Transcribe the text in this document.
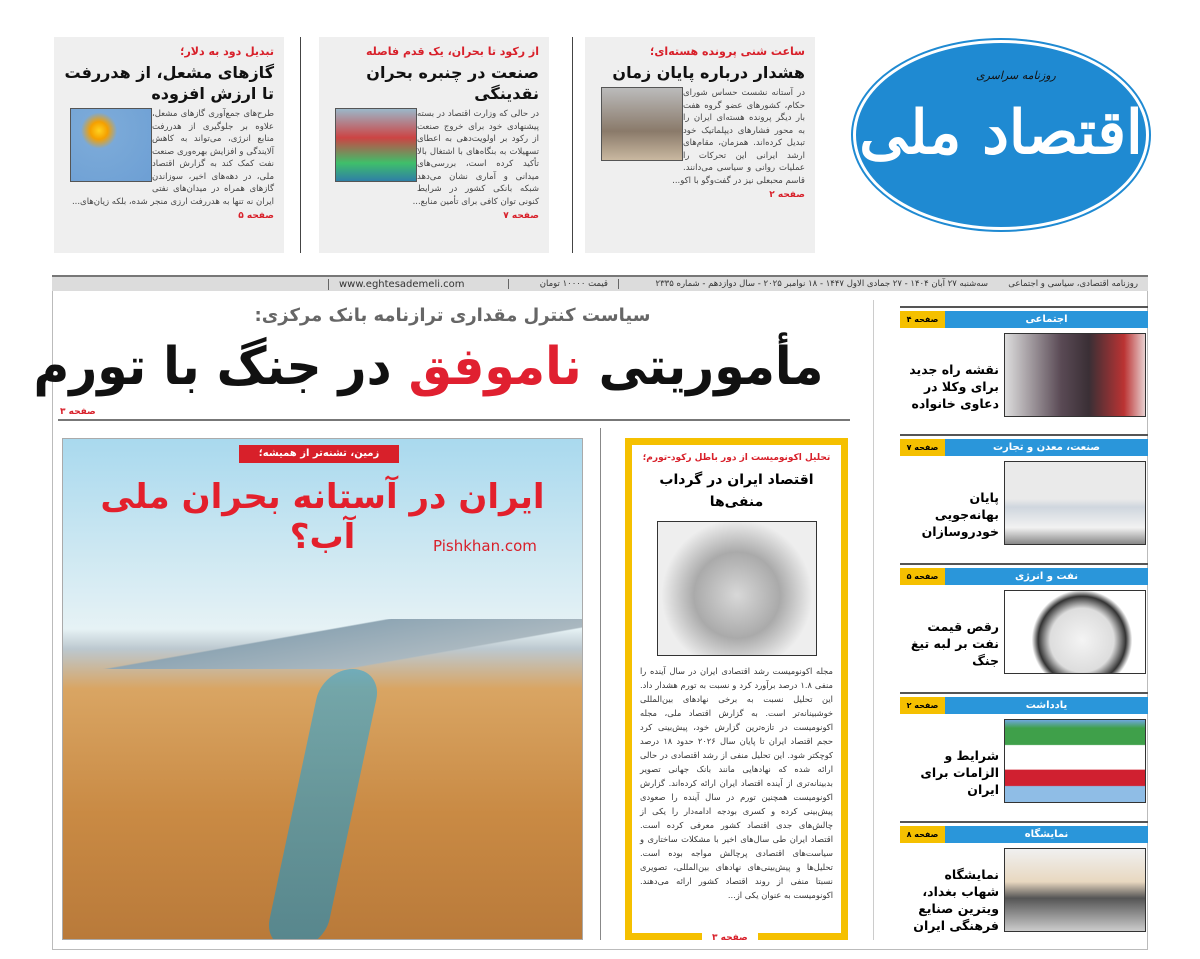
ساعت شنی پرونده هسته‌ای؛
هشدار درباره پایان زمان
در آستانه نشست حساس شورای حکام، کشورهای عضو گروه هفت بار دیگر پرونده هسته‌ای ایران را به محور فشارهای دیپلماتیک خود تبدیل کرده‌اند. همزمان، مقام‌های ارشد ایرانی این تحرکات را عملیات روانی و سیاسی می‌دانند. قاسم محبعلی نیز در گفت‌وگو با اکو...
صفحه ۲
از رکود تا بحران، یک قدم فاصله
صنعت در چنبره بحران نقدینگی
در حالی که وزارت اقتصاد در بسته پیشنهادی خود برای خروج صنعت از رکود بر اولویت‌دهی به اعطای تسهیلات به بنگاه‌های با اشتغال بالا تأکید کرده است، بررسی‌های میدانی و آماری نشان می‌دهد شبکه بانکی کشور در شرایط کنونی توان کافی برای تأمین منابع...
صفحه ۷
تبدیل دود به دلار؛
گازهای مشعل، از هدررفت تا ارزش افزوده
طرح‌های جمع‌آوری گازهای مشعل، علاوه بر جلوگیری از هدررفت منابع انرژی، می‌تواند به کاهش آلایندگی و افزایش بهره‌وری صنعت نفت کمک کند به گزارش اقتصاد ملی، در دهه‌های اخیر، سوزاندن گازهای همراه در میدان‌های نفتی ایران نه تنها به هدررفت ارزی منجر شده، بلکه زیان‌های...
صفحه ۵
روزنامه سراسری
اقتصاد ملی
روزنامه اقتصادی، سیاسی و اجتماعی
سه‌شنبه ۲۷ آبان ۱۴۰۴ - ۲۷ جمادی الاول ۱۴۴۷ - ۱۸ نوامبر ۲۰۲۵ - سال دوازدهم - شماره ۲۳۳۵
قیمت ۱۰۰۰۰ تومان
www.eghtesademeli.com
سیاست کنترل مقداری ترازنامه بانک مرکزی:
مأموریتی ناموفق در جنگ با تورم
صفحه ۳
زمین، تشنه‌تر از همیشه؛
ایران در آستانه بحران ملی آب؟	Pishkhan.com
تحلیل اکونومیست از دور باطل رکود-تورم؛
اقتصاد ایران در گرداب منفی‌ها
مجله اکونومیست رشد اقتصادی ایران در سال آینده را منفی ۱.۸ درصد برآورد کرد و نسبت به تورم هشدار داد. این تحلیل نسبت به برخی نهادهای بین‌المللی خوشبینانه‌تر است. به گزارش اقتصاد ملی، مجله اکونومیست در تازه‌ترین گزارش خود، پیش‌بینی کرد حجم اقتصاد ایران تا پایان سال ۲۰۲۶ حدود ۱۸ درصد کوچکتر شود. این تحلیل منفی از رشد اقتصادی در حالی ارائه شده که نهادهایی مانند بانک جهانی تصویر بدبینانه‌تری از آینده اقتصاد ایران ارائه کرده‌اند. گزارش اکونومیست همچنین تورم در سال آینده را صعودی پیش‌بینی کرده و کسری بودجه ادامه‌دار را یکی از چالش‌های جدی اقتصاد کشور معرفی کرده است. اقتصاد ایران طی سال‌های اخیر با مشکلات ساختاری و سیاست‌های اقتصادی پرچالش مواجه بوده است. تحلیل‌ها و پیش‌بینی‌های نهادهای بین‌المللی، تصویری نسبتا منفی از روند اقتصاد کشور ارائه می‌دهند. اکونومیست به عنوان یکی از...
صفحه ۳
اجتماعی
صفحه ۴
نقشه راه جدید برای وکلا در دعاوی خانواده
صنعت، معدن و تجارت
صفحه ۷
پایان بهانه‌جویی خودروسازان
نفت و انرژی
صفحه ۵
رقص قیمت نفت بر لبه تیغ جنگ
یادداشت
صفحه ۲
شرایط و الزامات برای ایران
نمایشگاه
صفحه ۸
نمایشگاه شهاب بغداد، ویترین صنایع فرهنگی ایران
